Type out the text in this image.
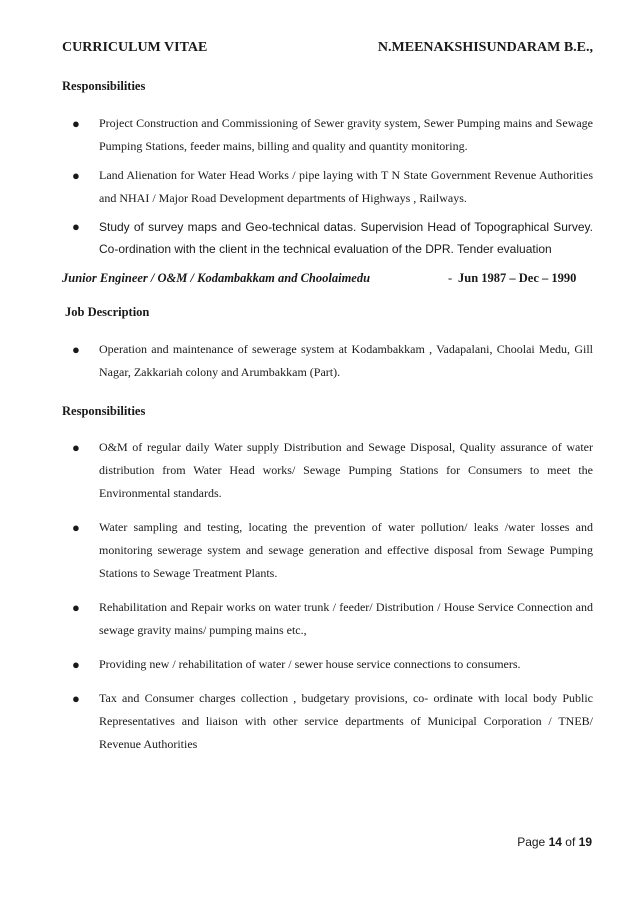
CURRICULUM VITAE	N.MEENAKSHISUNDARAM B.E.,
Responsibilities
● Project Construction and Commissioning of Sewer gravity system, Sewer Pumping mains and Sewage Pumping Stations, feeder mains, billing and quality and quantity monitoring.
● Land Alienation for Water Head Works / pipe laying with T N State Government Revenue Authorities and NHAI / Major Road Development departments of Highways , Railways.
● Study of survey maps and Geo-technical datas. Supervision Head of Topographical Survey. Co-ordination with the client in the technical evaluation of the DPR. Tender evaluation
Junior Engineer / O&M / Kodambakkam and Choolaimedu	- Jun 1987 – Dec – 1990
Job Description
● Operation and maintenance of sewerage system at Kodambakkam , Vadapalani, Choolai Medu, Gill Nagar, Zakkariah colony and Arumbakkam (Part).
Responsibilities
● O&M of regular daily Water supply Distribution and Sewage Disposal, Quality assurance of water distribution from Water Head works/ Sewage Pumping Stations for Consumers to meet the Environmental standards.
● Water sampling and testing, locating the prevention of water pollution/ leaks /water losses and monitoring sewerage system and sewage generation and effective disposal from Sewage Pumping Stations to Sewage Treatment Plants.
● Rehabilitation and Repair works on water trunk / feeder/ Distribution / House Service Connection and sewage gravity mains/ pumping mains etc.,
● Providing new / rehabilitation of water / sewer house service connections to consumers.
● Tax and Consumer charges collection , budgetary provisions, co- ordinate with local body Public Representatives and liaison with other service departments of Municipal Corporation / TNEB/ Revenue Authorities
Page 14 of 19
